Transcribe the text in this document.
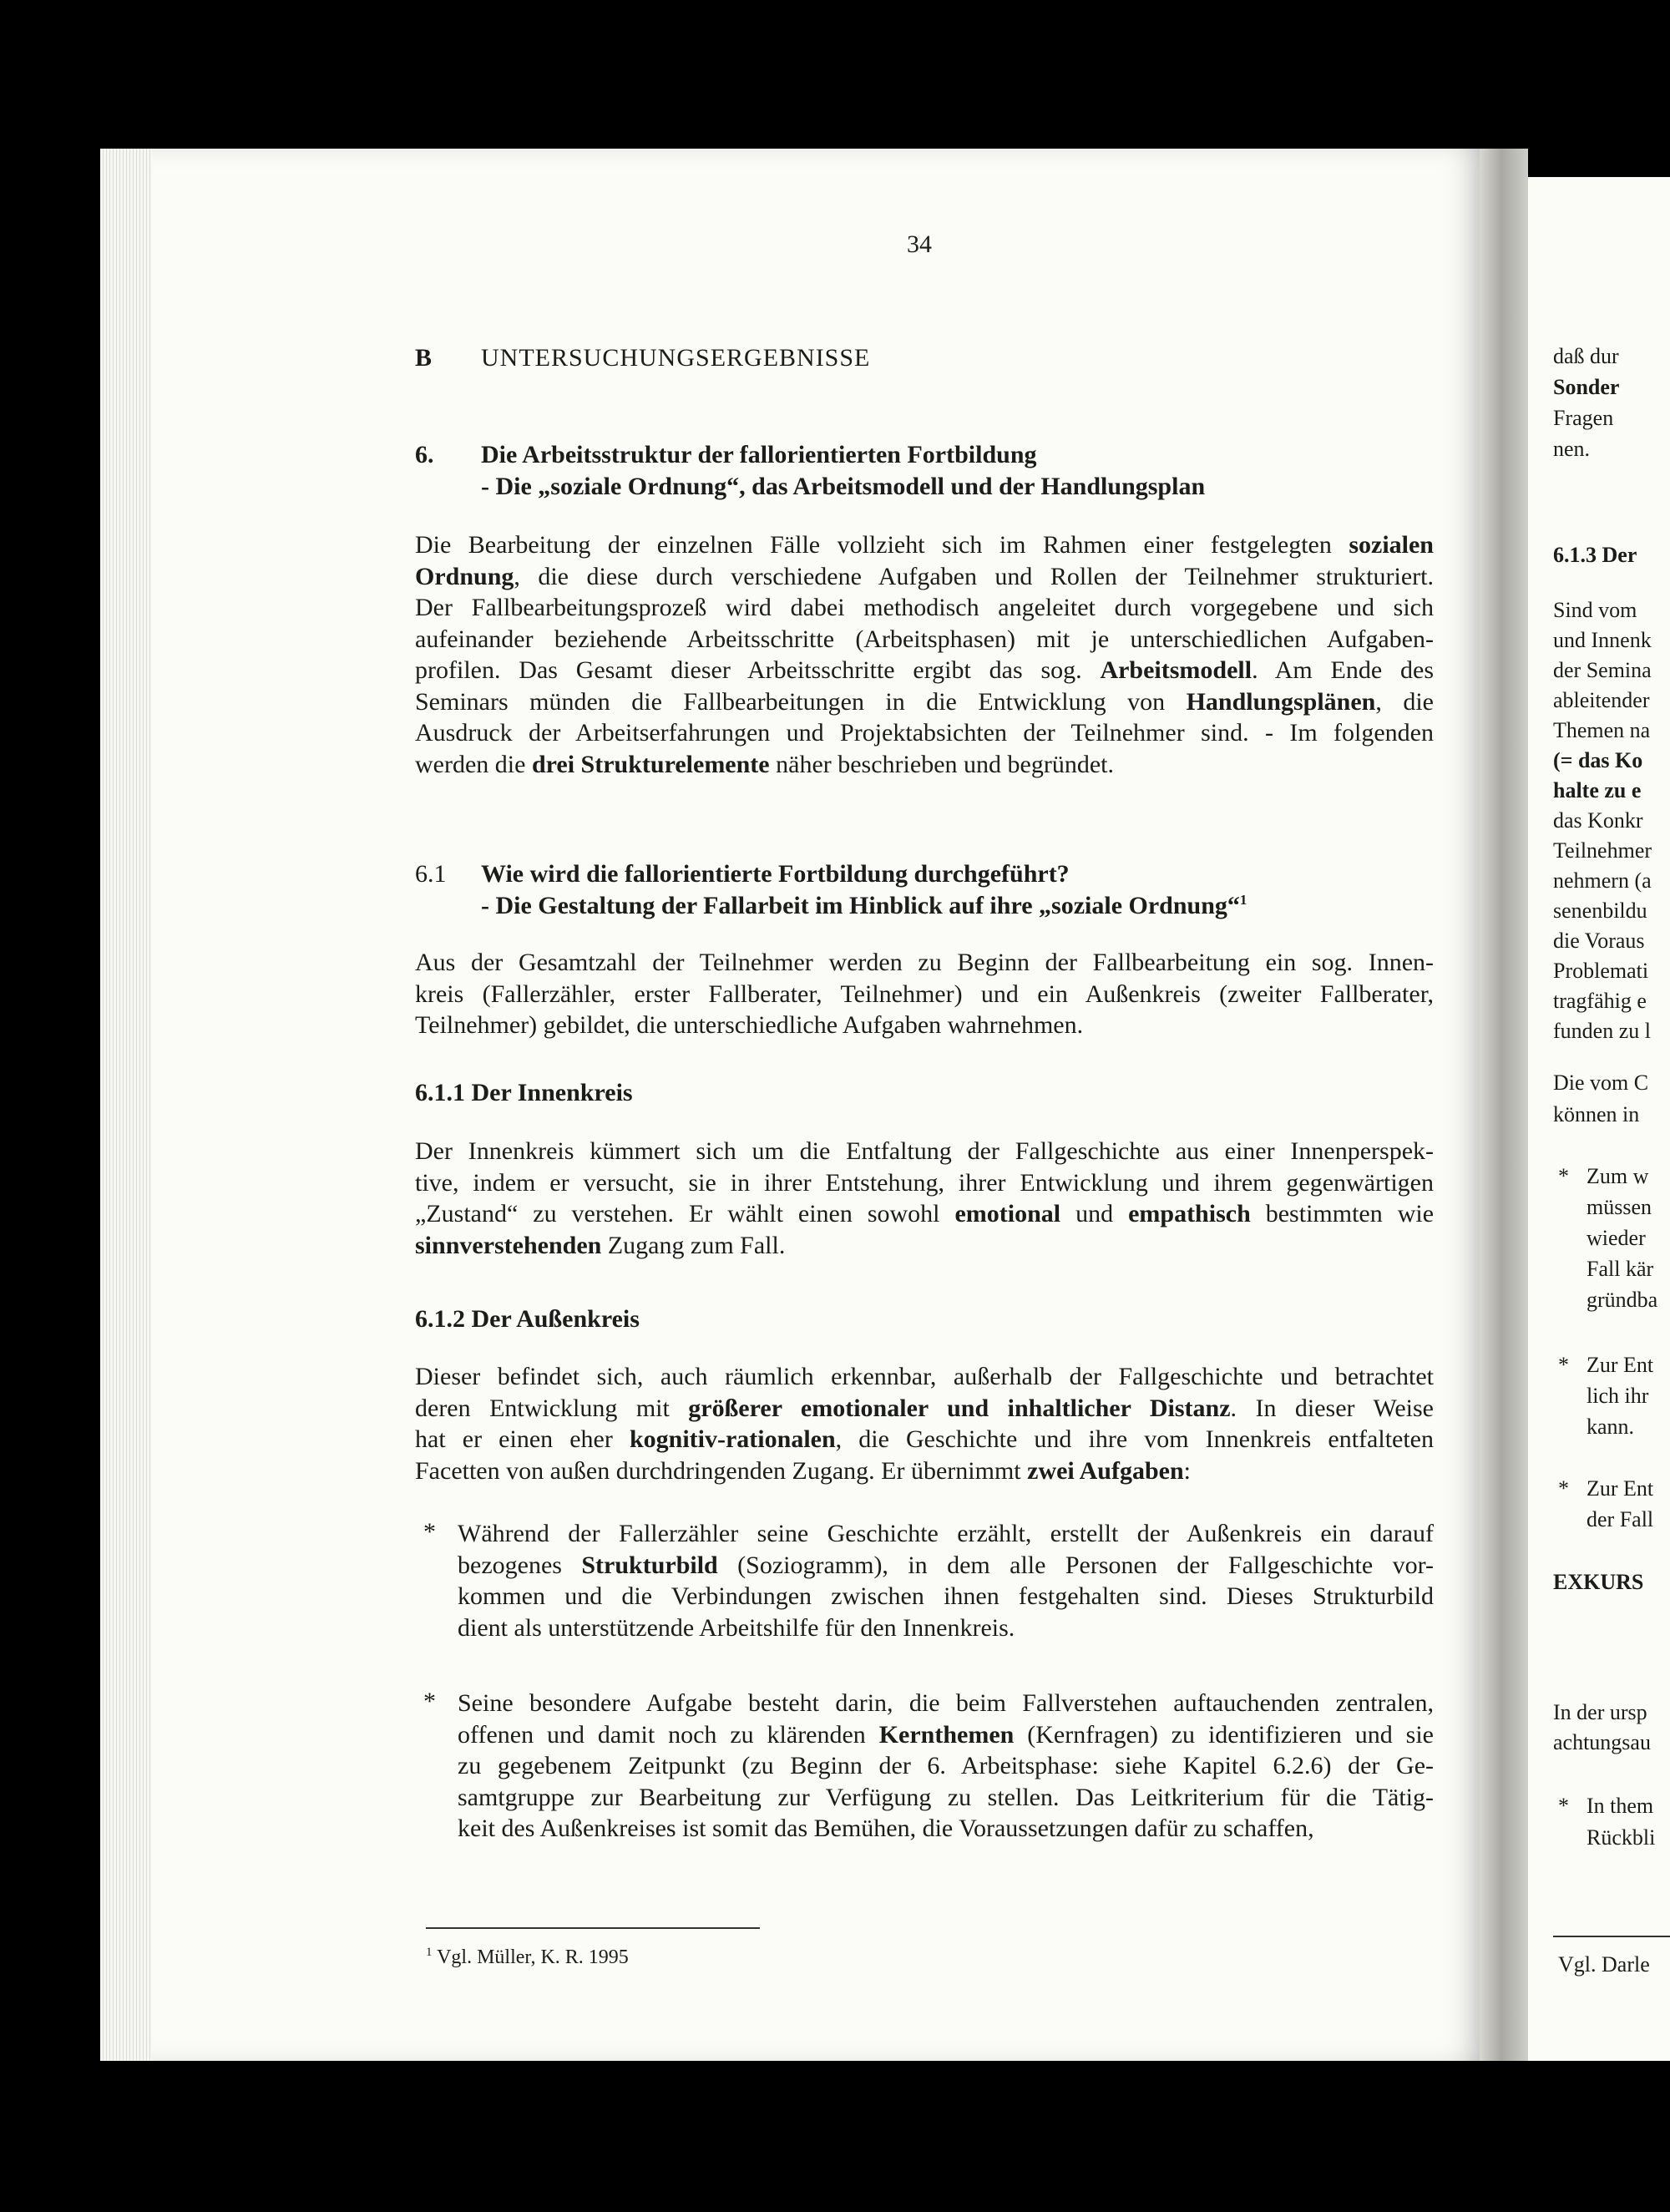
34
B UNTERSUCHUNGSERGEBNISSE
6. Die Arbeitsstruktur der fallorientierten Fortbildung
- Die „soziale Ordnung“, das Arbeitsmodell und der Handlungsplan
Die Bearbeitung der einzelnen Fälle vollzieht sich im Rahmen einer festgelegten sozialen
Ordnung, die diese durch verschiedene Aufgaben und Rollen der Teilnehmer strukturiert.
Der Fallbearbeitungsprozeß wird dabei methodisch angeleitet durch vorgegebene und sich
aufeinander beziehende Arbeitsschritte (Arbeitsphasen) mit je unterschiedlichen Aufgaben-
profilen. Das Gesamt dieser Arbeitsschritte ergibt das sog. Arbeitsmodell. Am Ende des
Seminars münden die Fallbearbeitungen in die Entwicklung von Handlungsplänen, die
Ausdruck der Arbeitserfahrungen und Projektabsichten der Teilnehmer sind. - Im folgenden
werden die drei Strukturelemente näher beschrieben und begründet.
6.1 Wie wird die fallorientierte Fortbildung durchgeführt?
- Die Gestaltung der Fallarbeit im Hinblick auf ihre „soziale Ordnung“$^1$
Aus der Gesamtzahl der Teilnehmer werden zu Beginn der Fallbearbeitung ein sog. Innen-
kreis (Fallerzähler, erster Fallberater, Teilnehmer) und ein Außenkreis (zweiter Fallberater,
Teilnehmer) gebildet, die unterschiedliche Aufgaben wahrnehmen.
6.1.1 Der Innenkreis
Der Innenkreis kümmert sich um die Entfaltung der Fallgeschichte aus einer Innenperspek-
tive, indem er versucht, sie in ihrer Entstehung, ihrer Entwicklung und ihrem gegenwärtigen
„Zustand“ zu verstehen. Er wählt einen sowohl emotional und empathisch bestimmten wie
sinnverstehenden Zugang zum Fall.
6.1.2 Der Außenkreis
Dieser befindet sich, auch räumlich erkennbar, außerhalb der Fallgeschichte und betrachtet
deren Entwicklung mit größerer emotionaler und inhaltlicher Distanz. In dieser Weise
hat er einen eher kognitiv-rationalen, die Geschichte und ihre vom Innenkreis entfalteten
Facetten von außen durchdringenden Zugang. Er übernimmt zwei Aufgaben:
* Während der Fallerzähler seine Geschichte erzählt, erstellt der Außenkreis ein darauf
bezogenes Strukturbild (Soziogramm), in dem alle Personen der Fallgeschichte vor-
kommen und die Verbindungen zwischen ihnen festgehalten sind. Dieses Strukturbild
dient als unterstützende Arbeitshilfe für den Innenkreis.
* Seine besondere Aufgabe besteht darin, die beim Fallverstehen auftauchenden zentralen,
offenen und damit noch zu klärenden Kernthemen (Kernfragen) zu identifizieren und sie
zu gegebenem Zeitpunkt (zu Beginn der 6. Arbeitsphase: siehe Kapitel 6.2.6) der Ge-
samtgruppe zur Bearbeitung zur Verfügung zu stellen. Das Leitkriterium für die Tätig-
keit des Außenkreises ist somit das Bemühen, die Voraussetzungen dafür zu schaffen,
$^1$ Vgl. Müller, K. R. 1995
daß dur
Sonder
Fragen
nen.
6.1.3 Der
Sind vom
und Innenk
der Semina
ableitender
Themen na
(= das Ko
halte zu e
das Konkr
Teilnehmer
nehmern (a
senenbildu
die Voraus
Problemati
tragfähig e
funden zu l
Die vom C
können in
* Zum w
müssen
wieder
Fall kär
gründba
* Zur Ent
lich ihr
kann.
* Zur Ent
der Fall
EXKURS
In der ursp
achtungsau
* In them
Rückbli
Vgl. Darle
